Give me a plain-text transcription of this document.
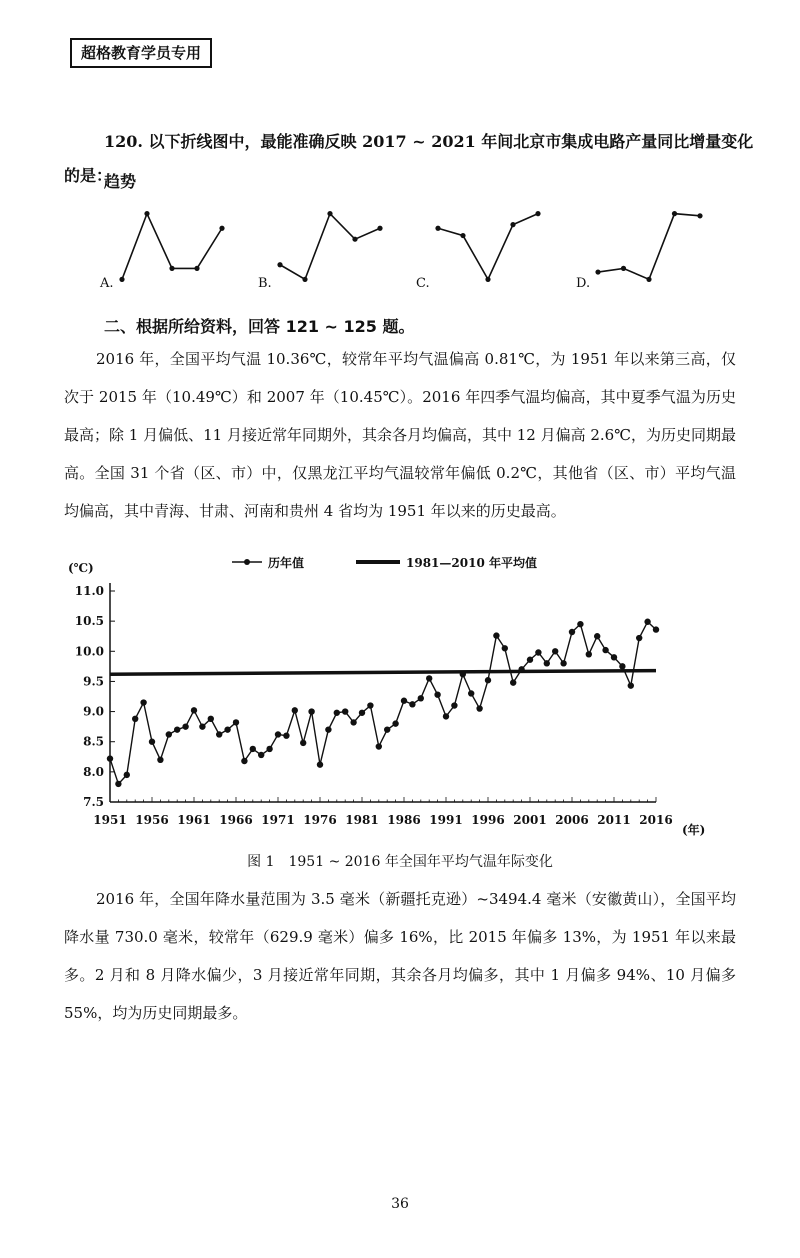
超格教育学员专用
120. 以下折线图中，最能准确反映 2017 ~ 2021 年间北京市集成电路产量同比增量变化趋势
的是：
A.	B.	C.	D.
二、根据所给资料，回答 121 ~ 125 题。
2016 年，全国平均气温 10.36℃，较常年平均气温偏高 0.81℃，为 1951 年以来第三高，仅次于 2015 年（10.49℃）和 2007 年（10.45℃）。2016 年四季气温均偏高，其中夏季气温为历史最高；除 1 月偏低、11 月接近常年同期外，其余各月均偏高，其中 12 月偏高 2.6℃，为历史同期最高。全国 31 个省（区、市）中，仅黑龙江平均气温较常年偏低 0.2℃，其他省（区、市）平均气温均偏高，其中青海、甘肃、河南和贵州 4 省均为 1951 年以来的历史最高。
历年值	1981—2010 年平均值
(℃)
(年)
7.5
8.0
8.5
9.0
9.5
10.0
10.5
11.0
1951 1956 1961 1966 1971 1976 1981 1986 1991 1996 2001 2006 2011 2016
图 1　1951 ~ 2016 年全国年平均气温年际变化
2016 年，全国年降水量范围为 3.5 毫米（新疆托克逊）~3494.4 毫米（安徽黄山），全国平均降水量 730.0 毫米，较常年（629.9 毫米）偏多 16%，比 2015 年偏多 13%，为 1951 年以来最多。2 月和 8 月降水偏少，3 月接近常年同期，其余各月均偏多，其中 1 月偏多 94%、10 月偏多 55%，均为历史同期最多。
36
